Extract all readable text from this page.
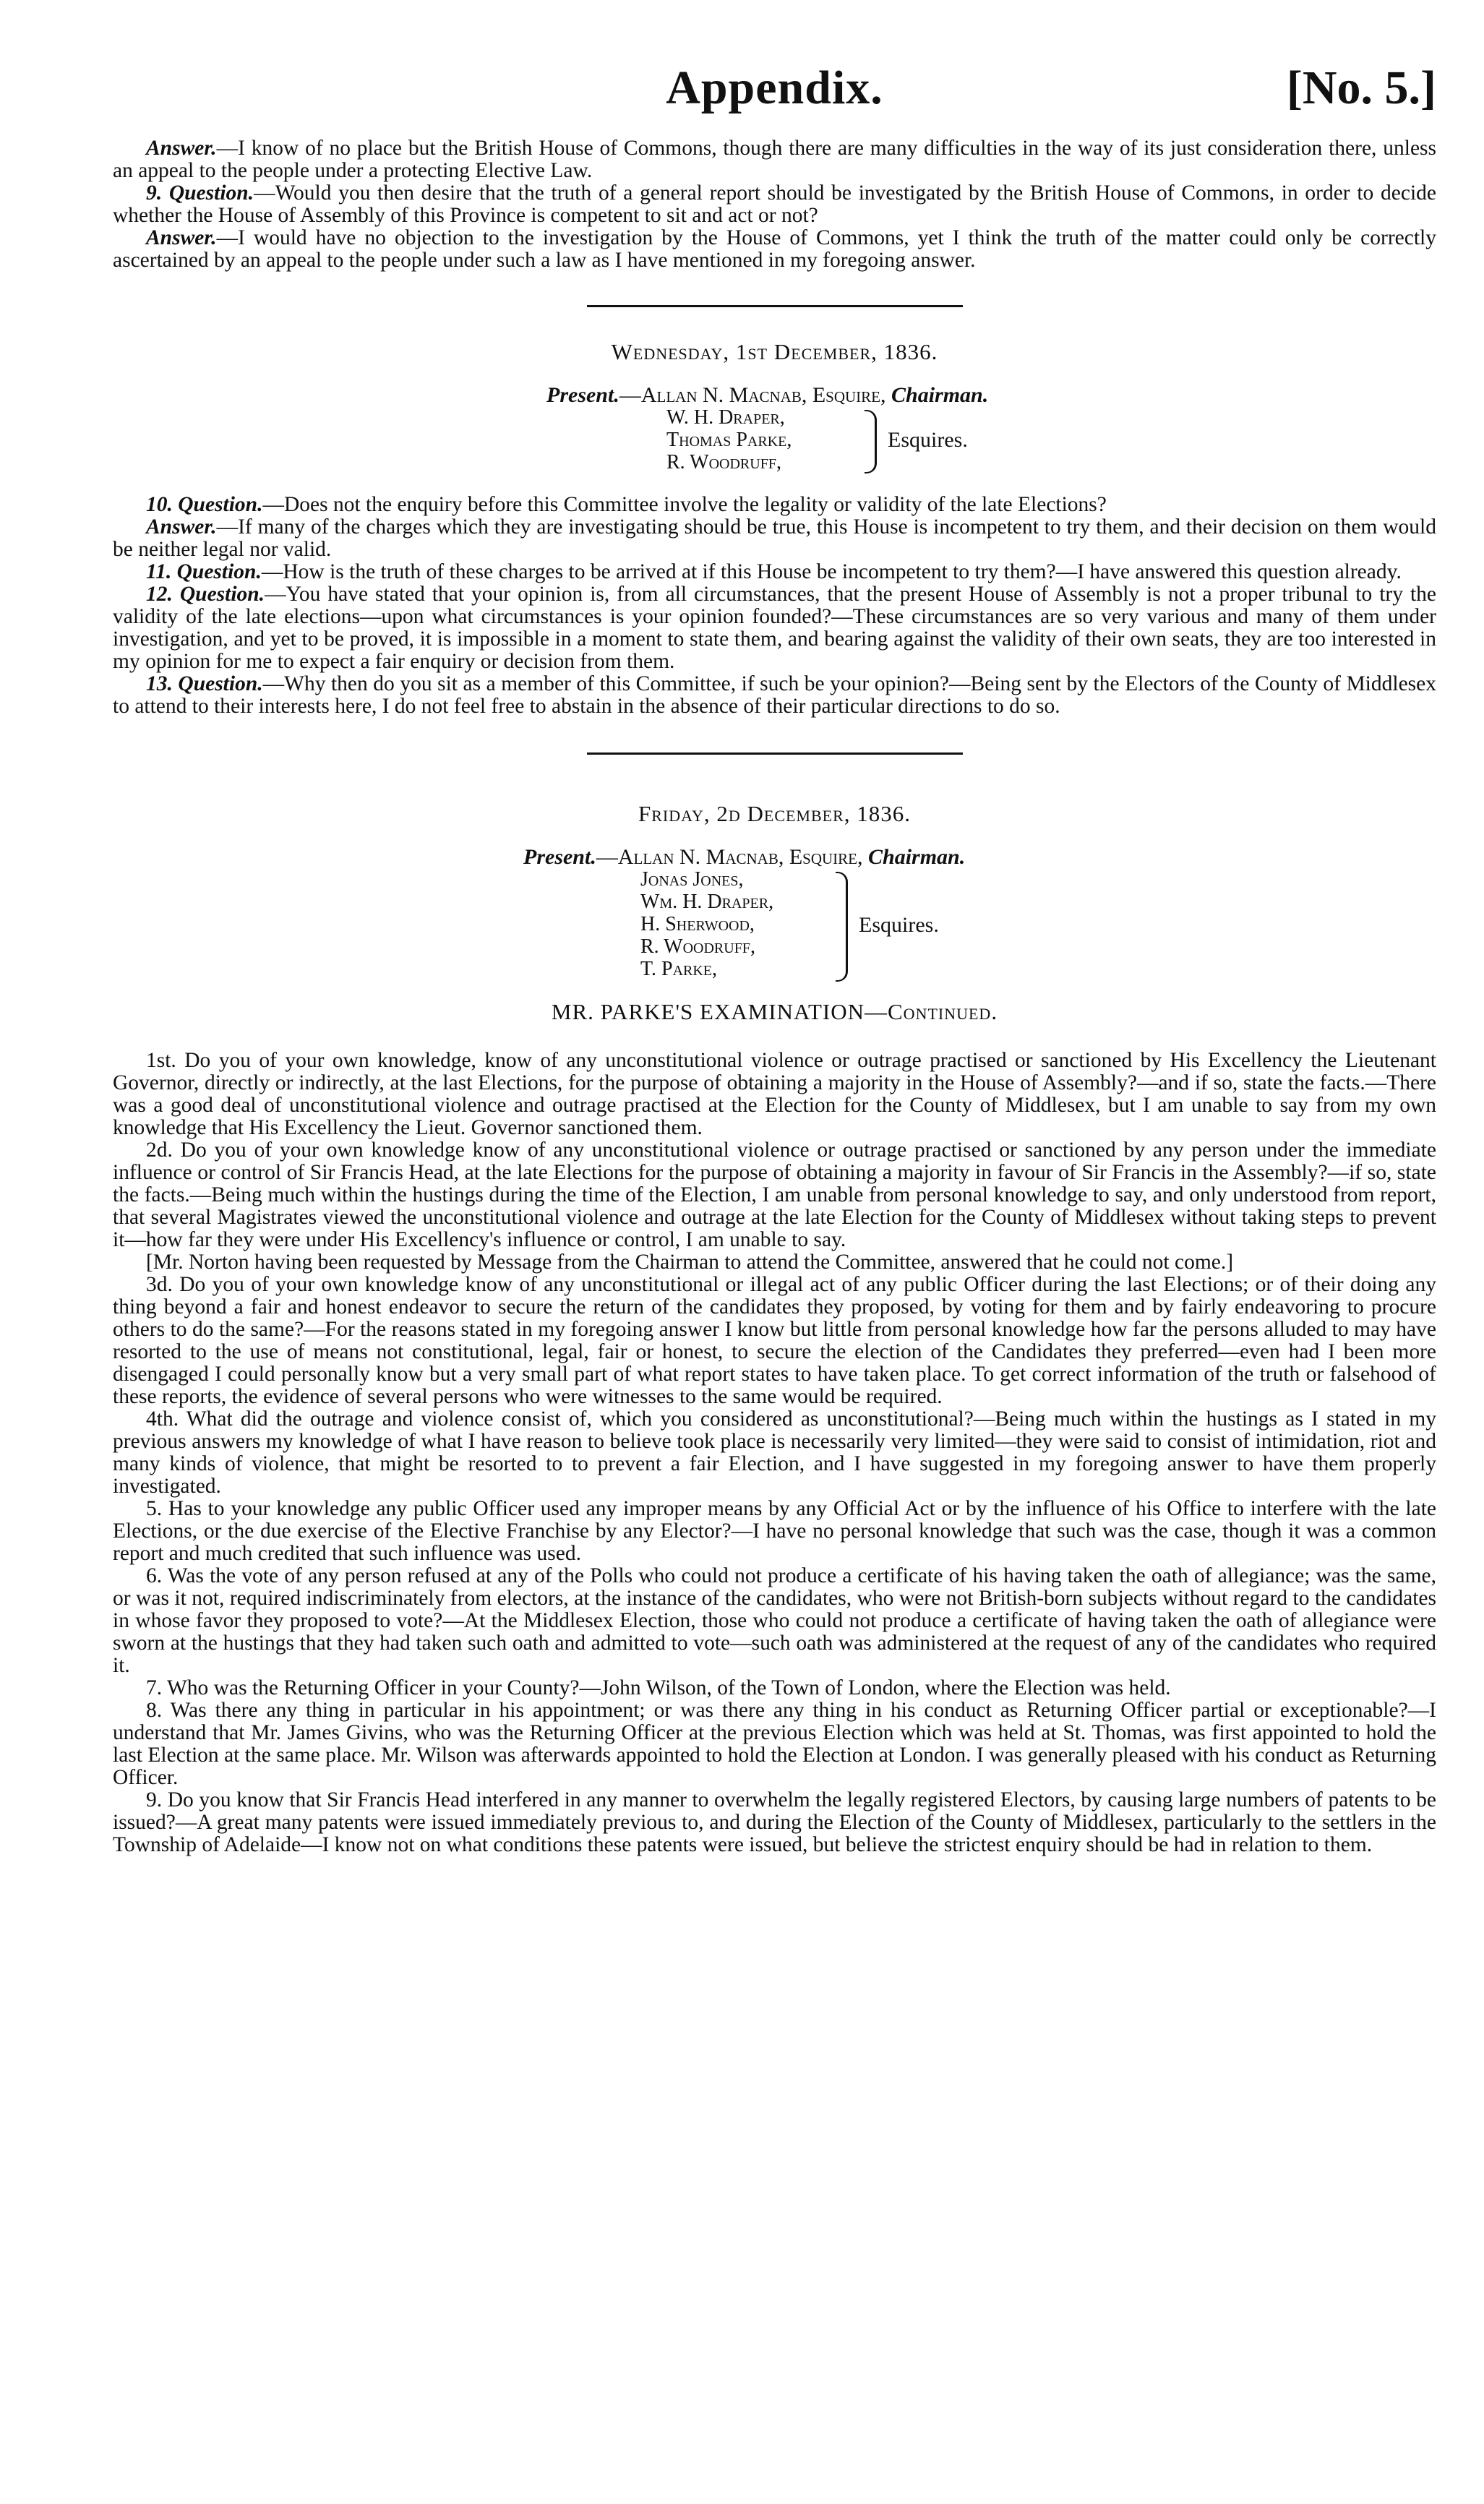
Appendix.	[No. 5.]

Answer.—I know of no place but the British House of Commons, though there are many difficulties in the way of its just consideration there, unless an appeal to the people under a protecting Elective Law.

9. Question.—Would you then desire that the truth of a general report should be investigated by the British House of Commons, in order to decide whether the House of Assembly of this Province is competent to sit and act or not?

Answer.—I would have no objection to the investigation by the House of Commons, yet I think the truth of the matter could only be correctly ascertained by an appeal to the people under such a law as I have mentioned in my foregoing answer.

Wednesday, 1st December, 1836.
Present.—Allan N. Macnab, Esquire, Chairman.
W. H. Draper,
Thomas Parke,
R. Woodruff,
Esquires.

10. Question.—Does not the enquiry before this Committee involve the legality or validity of the late Elections?

Answer.—If many of the charges which they are investigating should be true, this House is incompetent to try them, and their decision on them would be neither legal nor valid.

11. Question.—How is the truth of these charges to be arrived at if this House be incompetent to try them?—I have answered this question already.

12. Question.—You have stated that your opinion is, from all circumstances, that the present House of Assembly is not a proper tribunal to try the validity of the late elections—upon what circumstances is your opinion founded?—These circumstances are so very various and many of them under investigation, and yet to be proved, it is impossible in a moment to state them, and bearing against the validity of their own seats, they are too interested in my opinion for me to expect a fair enquiry or decision from them.

13. Question.—Why then do you sit as a member of this Committee, if such be your opinion?—Being sent by the Electors of the County of Middlesex to attend to their interests here, I do not feel free to abstain in the absence of their particular directions to do so.

Friday, 2d December, 1836.
Present.—Allan N. Macnab, Esquire, Chairman.
Jonas Jones,
Wm. H. Draper,
H. Sherwood,
R. Woodruff,
T. Parke,
Esquires.
MR. PARKE'S EXAMINATION—Continued.

1st. Do you of your own knowledge, know of any unconstitutional violence or outrage practised or sanctioned by His Excellency the Lieutenant Governor, directly or indirectly, at the last Elections, for the purpose of obtaining a majority in the House of Assembly?—and if so, state the facts.—There was a good deal of unconstitutional violence and outrage practised at the Election for the County of Middlesex, but I am unable to say from my own knowledge that His Excellency the Lieut. Governor sanctioned them.

2d. Do you of your own knowledge know of any unconstitutional violence or outrage practised or sanctioned by any person under the immediate influence or control of Sir Francis Head, at the late Elections for the purpose of obtaining a majority in favour of Sir Francis in the Assembly?—if so, state the facts.—Being much within the hustings during the time of the Election, I am unable from personal knowledge to say, and only understood from report, that several Magistrates viewed the unconstitutional violence and outrage at the late Election for the County of Middlesex without taking steps to prevent it—how far they were under His Excellency's influence or control, I am unable to say.

[Mr. Norton having been requested by Message from the Chairman to attend the Committee, answered that he could not come.]

3d. Do you of your own knowledge know of any unconstitutional or illegal act of any public Officer during the last Elections; or of their doing any thing beyond a fair and honest endeavor to secure the return of the candidates they proposed, by voting for them and by fairly endeavoring to procure others to do the same?—For the reasons stated in my foregoing answer I know but little from personal knowledge how far the persons alluded to may have resorted to the use of means not constitutional, legal, fair or honest, to secure the election of the Candidates they preferred—even had I been more disengaged I could personally know but a very small part of what report states to have taken place. To get correct information of the truth or falsehood of these reports, the evidence of several persons who were witnesses to the same would be required.

4th. What did the outrage and violence consist of, which you considered as unconstitutional?—Being much within the hustings as I stated in my previous answers my knowledge of what I have reason to believe took place is necessarily very limited—they were said to consist of intimidation, riot and many kinds of violence, that might be resorted to to prevent a fair Election, and I have suggested in my foregoing answer to have them properly investigated.

5. Has to your knowledge any public Officer used any improper means by any Official Act or by the influence of his Office to interfere with the late Elections, or the due exercise of the Elective Franchise by any Elector?—I have no personal knowledge that such was the case, though it was a common report and much credited that such influence was used.

6. Was the vote of any person refused at any of the Polls who could not produce a certificate of his having taken the oath of allegiance; was the same, or was it not, required indiscriminately from electors, at the instance of the candidates, who were not British-born subjects without regard to the candidates in whose favor they proposed to vote?—At the Middlesex Election, those who could not produce a certificate of having taken the oath of allegiance were sworn at the hustings that they had taken such oath and admitted to vote—such oath was administered at the request of any of the candidates who required it.

7. Who was the Returning Officer in your County?—John Wilson, of the Town of London, where the Election was held.

8. Was there any thing in particular in his appointment; or was there any thing in his conduct as Returning Officer partial or exceptionable?—I understand that Mr. James Givins, who was the Returning Officer at the previous Election which was held at St. Thomas, was first appointed to hold the last Election at the same place. Mr. Wilson was afterwards appointed to hold the Election at London. I was generally pleased with his conduct as Returning Officer.

9. Do you know that Sir Francis Head interfered in any manner to overwhelm the legally registered Electors, by causing large numbers of patents to be issued?—A great many patents were issued immediately previous to, and during the Election of the County of Middlesex, particularly to the settlers in the Township of Adelaide—I know not on what conditions these patents were issued, but believe the strictest enquiry should be had in relation to them.
